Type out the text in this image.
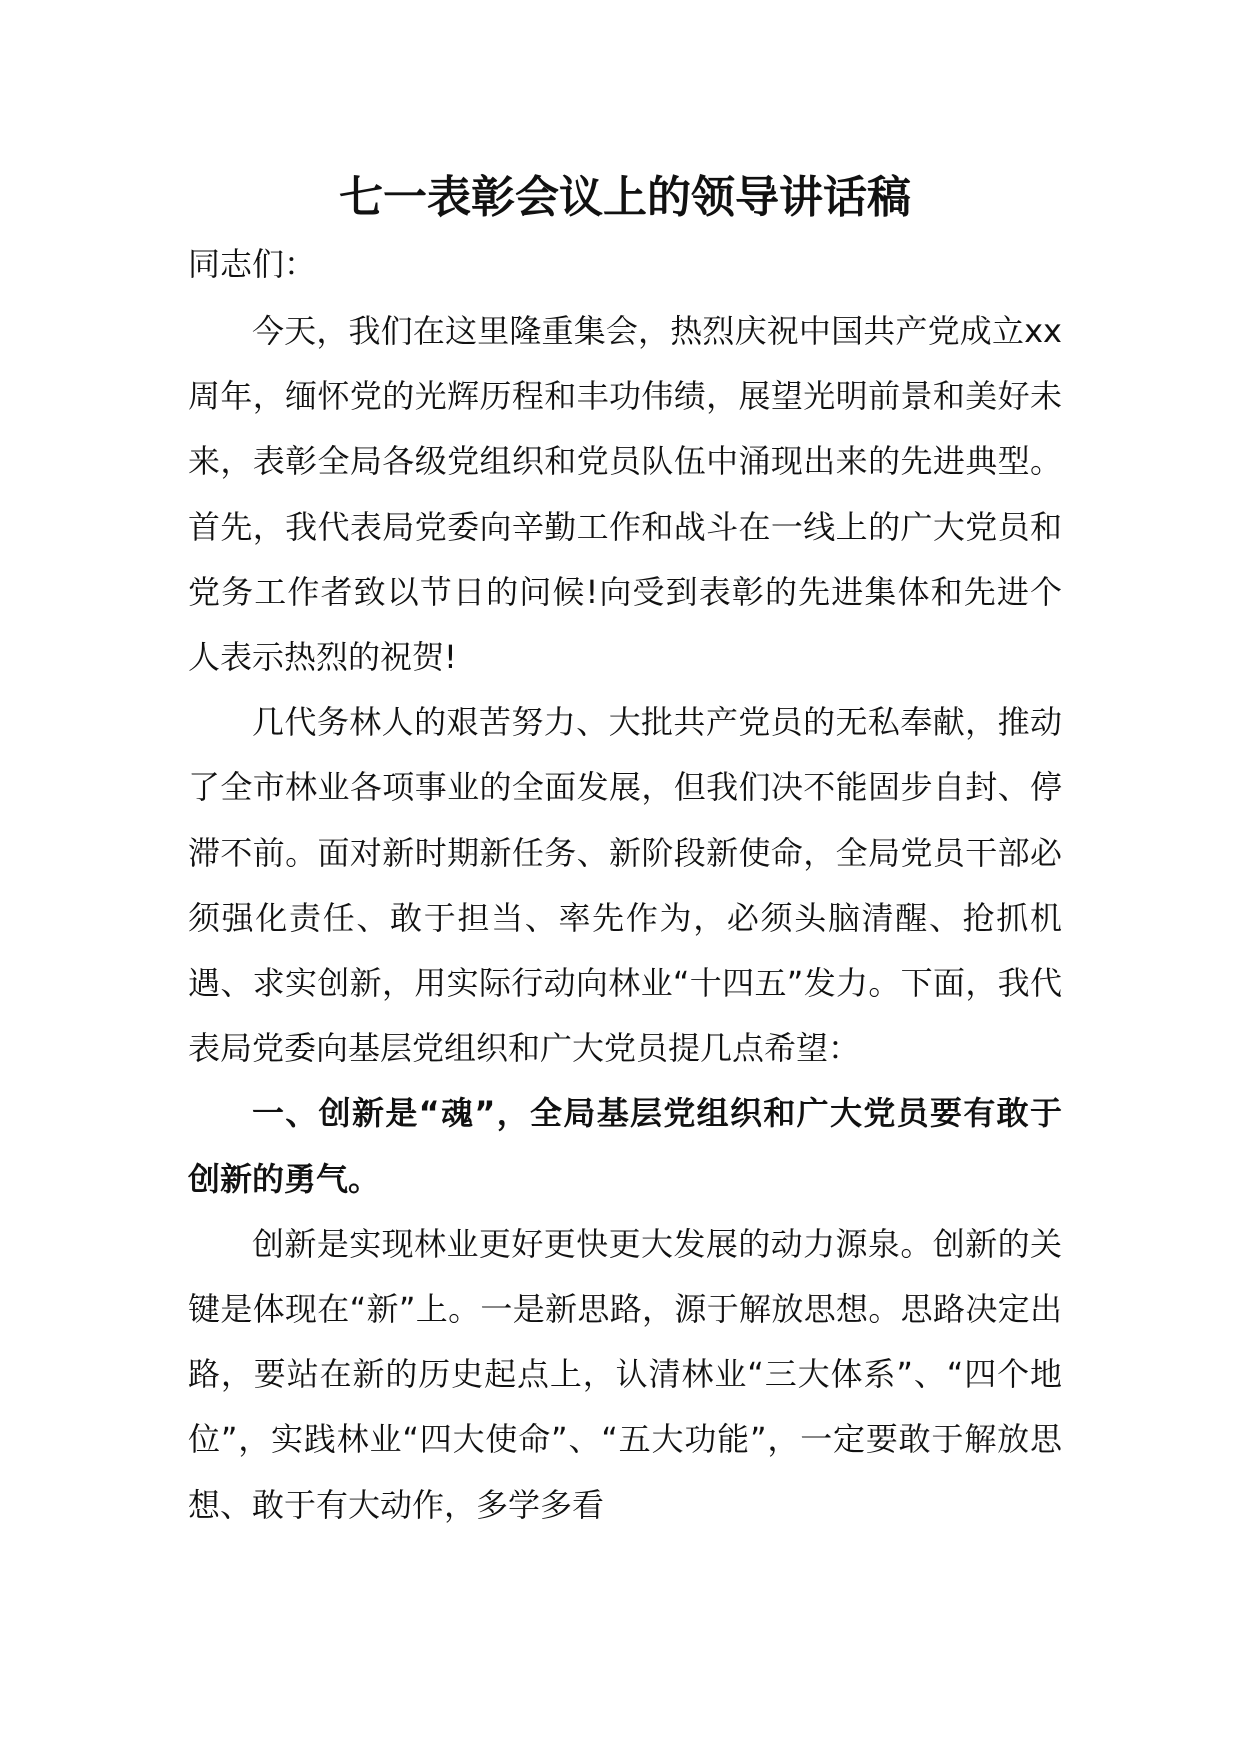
七一表彰会议上的领导讲话稿

同志们：

今天，我们在这里隆重集会，热烈庆祝中国共产党成立xx周年，缅怀党的光辉历程和丰功伟绩，展望光明前景和美好未来，表彰全局各级党组织和党员队伍中涌现出来的先进典型。首先，我代表局党委向辛勤工作和战斗在一线上的广大党员和党务工作者致以节日的问候!向受到表彰的先进集体和先进个人表示热烈的祝贺!

几代务林人的艰苦努力、大批共产党员的无私奉献，推动了全市林业各项事业的全面发展，但我们决不能固步自封、停滞不前。面对新时期新任务、新阶段新使命，全局党员干部必须强化责任、敢于担当、率先作为，必须头脑清醒、抢抓机遇、求实创新，用实际行动向林业“十四五”发力。下面，我代表局党委向基层党组织和广大党员提几点希望：

一、创新是“魂”，全局基层党组织和广大党员要有敢于创新的勇气。

创新是实现林业更好更快更大发展的动力源泉。创新的关键是体现在“新”上。一是新思路，源于解放思想。思路决定出路，要站在新的历史起点上，认清林业“三大体系”、“四个地位”，实践林业“四大使命”、“五大功能”，一定要敢于解放思想、敢于有大动作，多学多看
